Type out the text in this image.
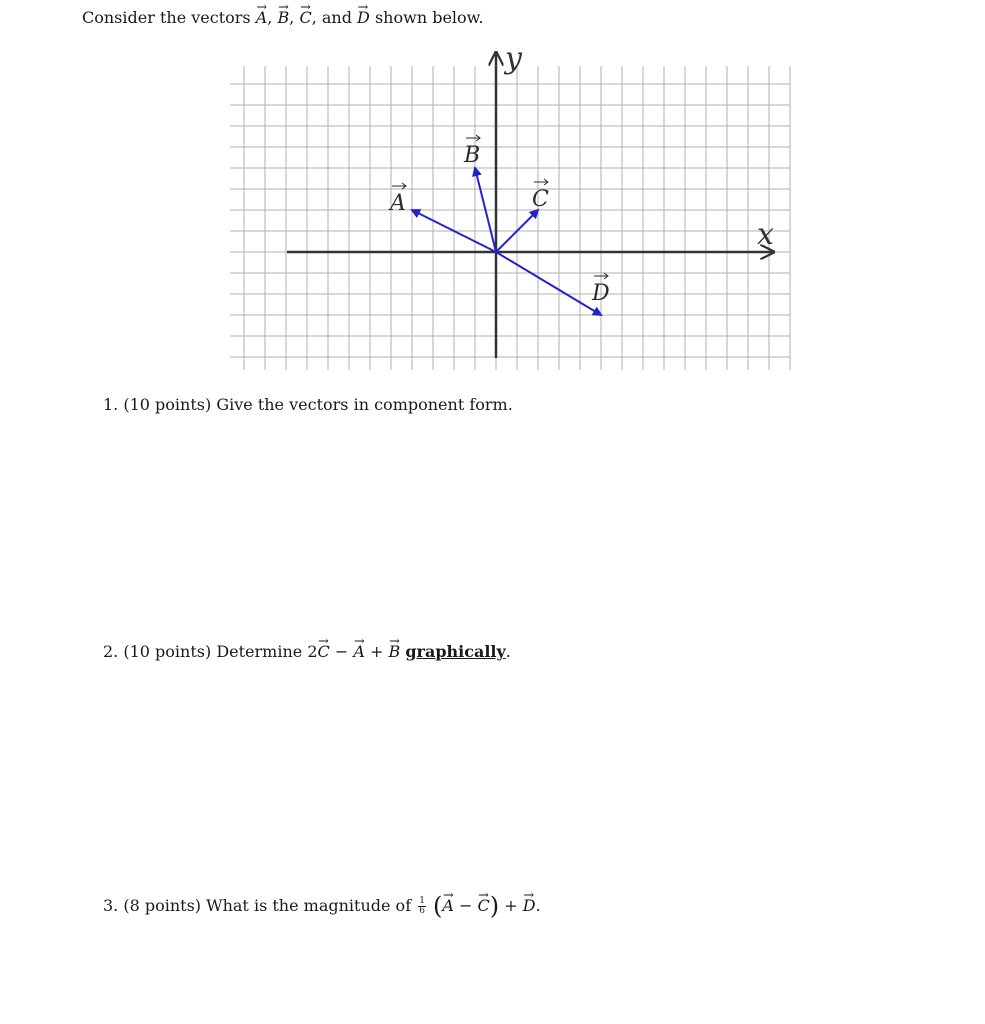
Consider the vectors → A, → B, → C, and → D shown below.
x
y
A
B
C
D
1. (10 points) Give the vectors in component form.
2. (10 points) Determine 2→ C − → A + → B graphically.
3. (8 points) What is the magnitude of $\frac{1}{6}$ (→ A − → C) + → D.
